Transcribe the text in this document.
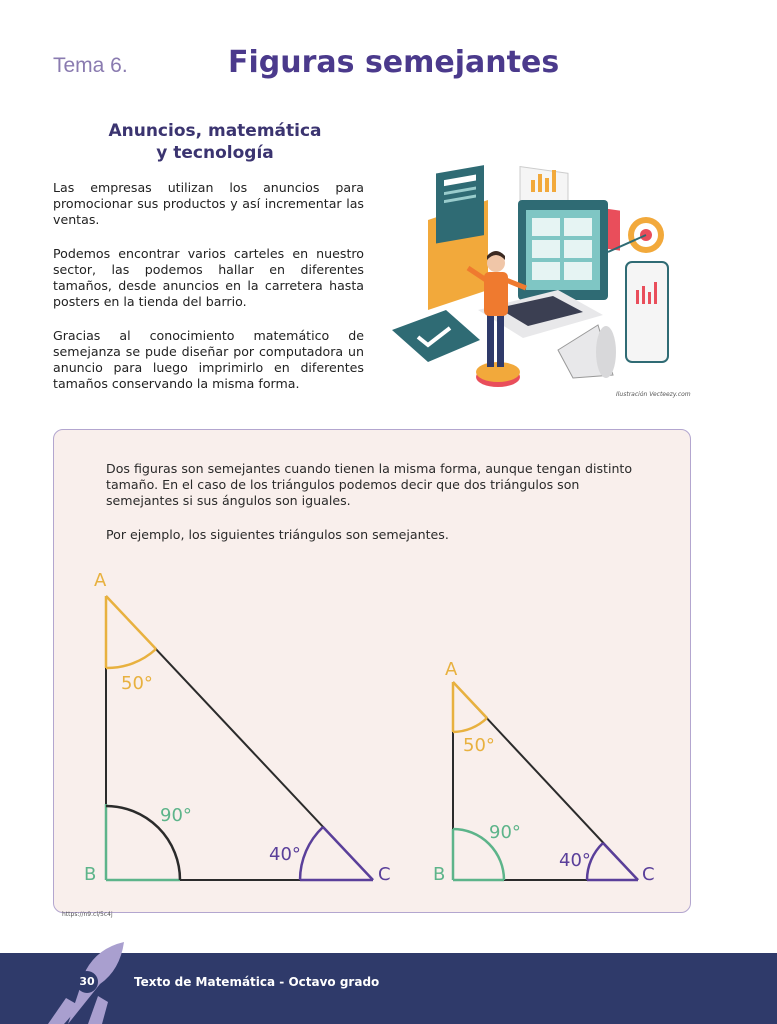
Tema 6.	Figuras semejantes
Anuncios, matemática
y tecnología
Las empresas utilizan los anuncios para promocionar sus productos y así incrementar las ventas.
Podemos encontrar varios carteles en nuestro sector, las podemos hallar en diferentes tamaños, desde anuncios en la carretera hasta posters en la tienda del barrio.
Gracias al conocimiento matemático de semejanza se pude diseñar por computadora un anuncio para luego imprimirlo en diferentes tamaños conservando la misma forma.
Ilustración Vecteezy.com
Dos figuras son semejantes cuando tienen la misma forma, aunque tengan distinto tamaño. En el caso de los triángulos podemos decir que dos triángulos son semejantes si sus ángulos son iguales.
Por ejemplo, los siguientes triángulos son semejantes.
A
B	C
50°
90°
40°
A
B	C
50°
90°
40°
https://n9.cl/5c4j
30	Texto de Matemática - Octavo grado
